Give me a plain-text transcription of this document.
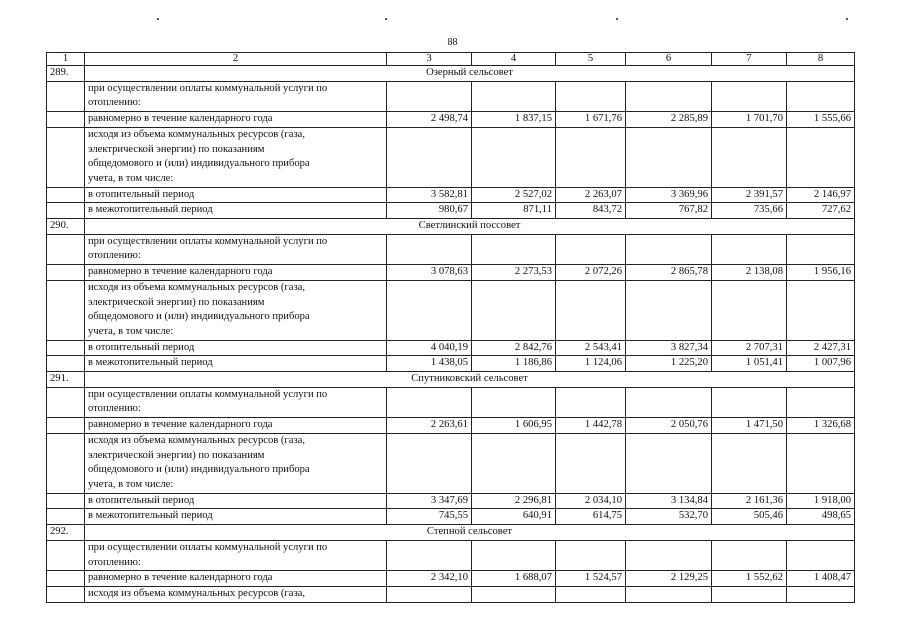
88
1	2	3	4	5	6	7	8
289.	Озерный сельсовет						
	при осуществлении оплаты коммунальной услуги по
отоплению:						
	равномерно в течение календарного года	2 498,74	1 837,15	1 671,76	2 285,89	1 701,70	1 555,66
	исходя из объема коммунальных ресурсов (газа,
электрической энергии) по показаниям
общедомового и (или) индивидуального прибора
учета, в том числе:						
	в отопительный период	3 582,81	2 527,02	2 263,07	3 369,96	2 391,57	2 146,97
	в межотопительный период	980,67	871,11	843,72	767,82	735,66	727,62
290.	Светлинский поссовет						
	при осуществлении оплаты коммунальной услуги по
отоплению:						
	равномерно в течение календарного года	3 078,63	2 273,53	2 072,26	2 865,78	2 138,08	1 956,16
	исходя из объема коммунальных ресурсов (газа,
электрической энергии) по показаниям
общедомового и (или) индивидуального прибора
учета, в том числе:						
	в отопительный период	4 040,19	2 842,76	2 543,41	3 827,34	2 707,31	2 427,31
	в межотопительный период	1 438,05	1 186,86	1 124,06	1 225,20	1 051,41	1 007,96
291.	Спутниковский сельсовет						
	при осуществлении оплаты коммунальной услуги по
отоплению:						
	равномерно в течение календарного года	2 263,61	1 606,95	1 442,78	2 050,76	1 471,50	1 326,68
	исходя из объема коммунальных ресурсов (газа,
электрической энергии) по показаниям
общедомового и (или) индивидуального прибора
учета, в том числе:						
	в отопительный период	3 347,69	2 296,81	2 034,10	3 134,84	2 161,36	1 918,00
	в межотопительный период	745,55	640,91	614,75	532,70	505,46	498,65
292.	Степной сельсовет						
	при осуществлении оплаты коммунальной услуги по
отоплению:						
	равномерно в течение календарного года	2 342,10	1 688,07	1 524,57	2 129,25	1 552,62	1 408,47
	исходя из объема коммунальных ресурсов (газа,						
